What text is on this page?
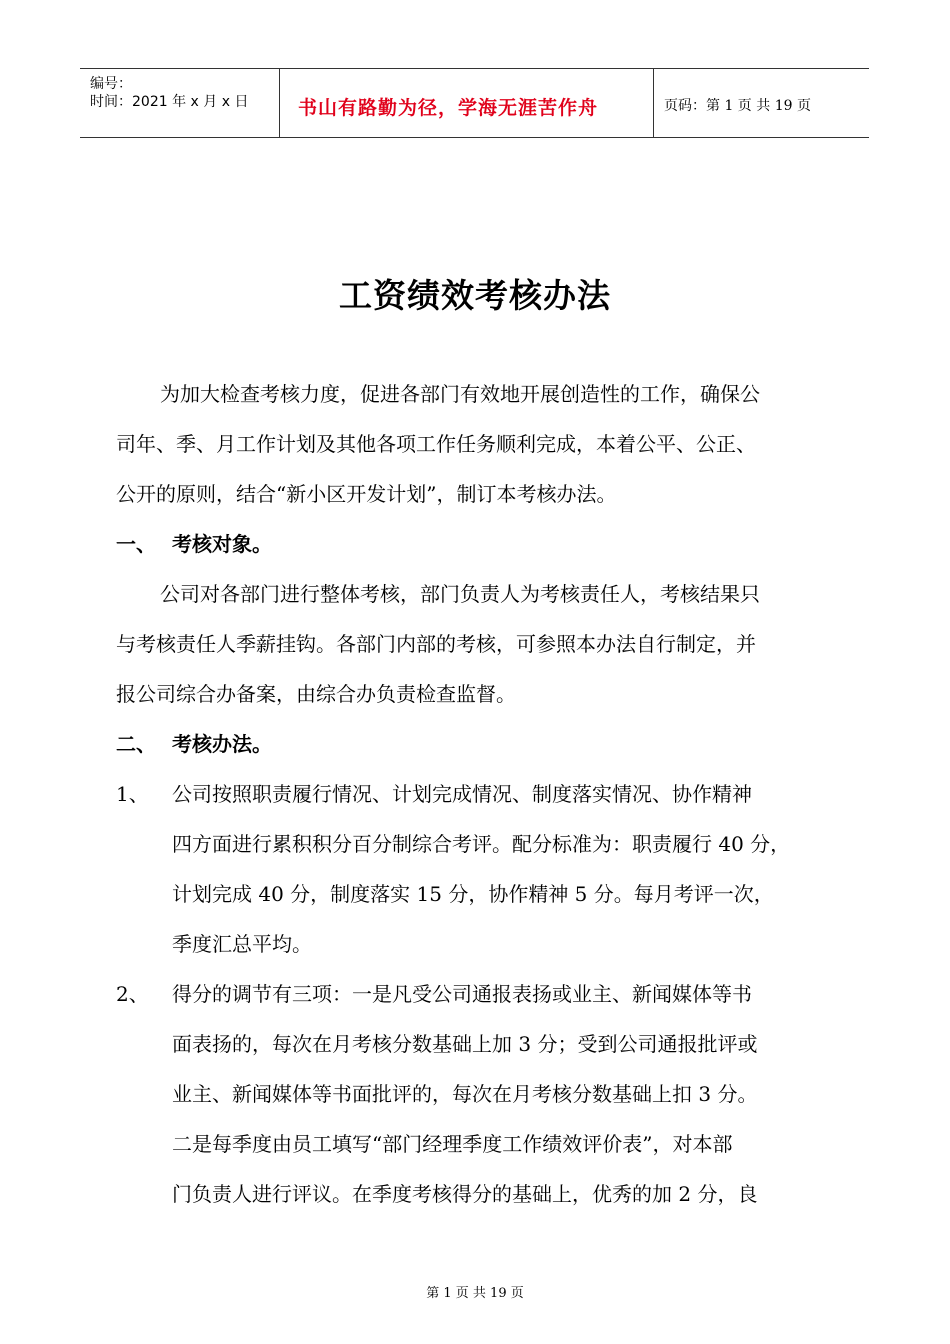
编号：
时间：2021 年 x 月 x 日	书山有路勤为径，学海无涯苦作舟	页码：第 1 页 共 19 页
工资绩效考核办法
为加大检查考核力度，促进各部门有效地开展创造性的工作，确保公
司年、季、月工作计划及其他各项工作任务顺利完成，本着公平、公正、
公开的原则，结合“新小区开发计划”，制订本考核办法。
一、 考核对象。
公司对各部门进行整体考核，部门负责人为考核责任人，考核结果只
与考核责任人季薪挂钩。各部门内部的考核，可参照本办法自行制定，并
报公司综合办备案，由综合办负责检查监督。
二、 考核办法。
1、 公司按照职责履行情况、计划完成情况、制度落实情况、协作精神
四方面进行累积积分百分制综合考评。配分标准为：职责履行 40 分，
计划完成 40 分，制度落实 15 分，协作精神 5 分。每月考评一次，
季度汇总平均。
2、 得分的调节有三项：一是凡受公司通报表扬或业主、新闻媒体等书
面表扬的，每次在月考核分数基础上加 3 分；受到公司通报批评或
业主、新闻媒体等书面批评的，每次在月考核分数基础上扣 3 分。
二是每季度由员工填写“部门经理季度工作绩效评价表”，对本部
门负责人进行评议。在季度考核得分的基础上，优秀的加 2 分，良
第 1 页 共 19 页
